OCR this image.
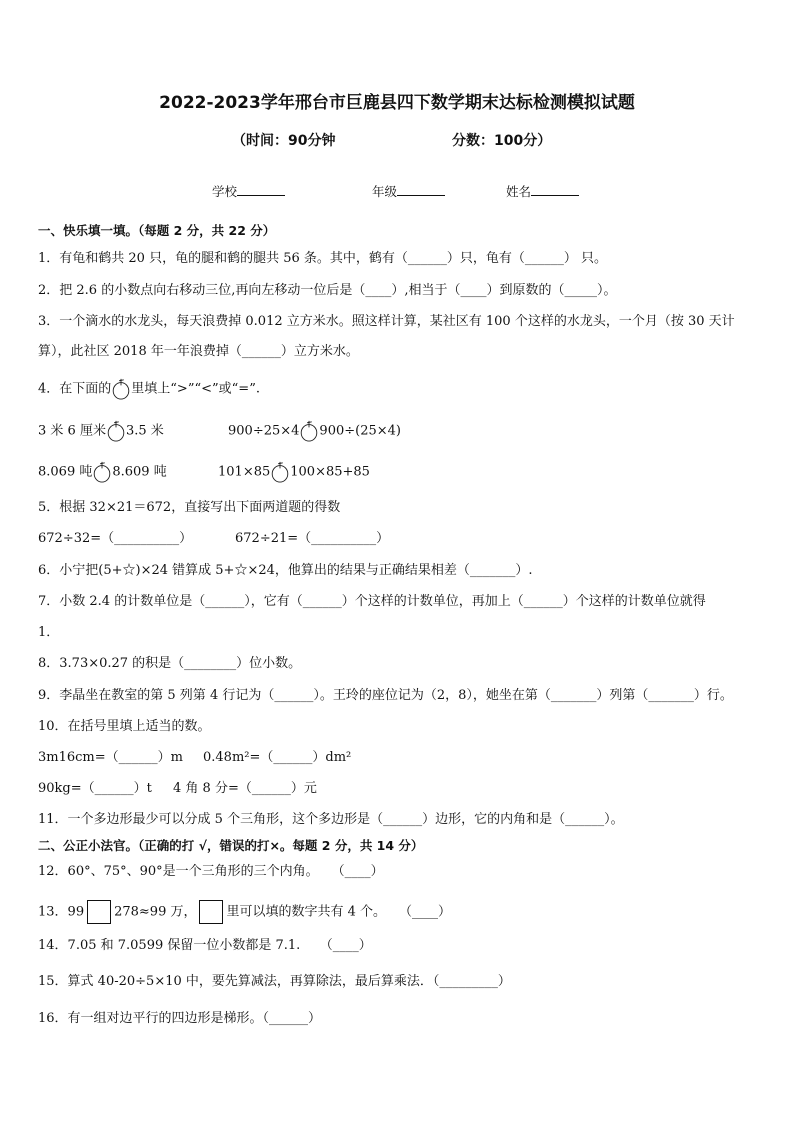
2022-2023学年邢台市巨鹿县四下数学期末达标检测模拟试题
（时间：90分钟	分数：100分）
学校	年级	姓名
一、快乐填一填。（每题 2 分，共 22 分）
1．有龟和鹤共 20 只，龟的腿和鹤的腿共 56 条。其中，鹤有（______）只，龟有（______） 只。
2．把 2.6 的小数点向右移动三位,再向左移动一位后是（____）,相当于（____）到原数的（_____）。
3．一个滴水的水龙头，每天浪费掉 0.012 立方米水。照这样计算，某社区有 100 个这样的水龙头，一个月（按 30 天计
算），此社区 2018 年一年浪费掉（______）立方米水。
4．在下面的 里填上“>”“<”或“=”.
3 米 6 厘米 3.5 米	900÷25×4 900÷(25×4)
8.069 吨 8.609 吨	101×85 100×85+85
5．根据 32×21＝672，直接写出下面两道题的得数
672÷32=（__________）	672÷21=（__________）
6．小宁把(5+☆)×24 错算成 5+☆×24，他算出的结果与正确结果相差（_______）.
7．小数 2.4 的计数单位是（______），它有（______）个这样的计数单位，再加上（______）个这样的计数单位就得
1．
8．3.73×0.27 的积是（________）位小数。
9．李晶坐在教室的第 5 列第 4 行记为（______）。王玲的座位记为（2，8），她坐在第（_______）列第（_______）行。
10．在括号里填上适当的数。
3m16cm=（______）m 0.48m²=（______）dm²
90kg=（______）t 4 角 8 分=（______）元
11．一个多边形最少可以分成 5 个三角形，这个多边形是（______）边形，它的内角和是（______）。
二、公正小法官。（正确的打 √，错误的打×。每题 2 分，共 14 分）
12．60°、75°、90°是一个三角形的三个内角。　　（____）
13．99 278≈99 万， 里可以填的数字共有 4 个。　　（____）
14．7.05 和 7.0599 保留一位小数都是 7.1.　　（____）
15．算式 40-20÷5×10 中，要先算减法，再算除法，最后算乘法．（_________）
16．有一组对边平行的四边形是梯形。（______）
